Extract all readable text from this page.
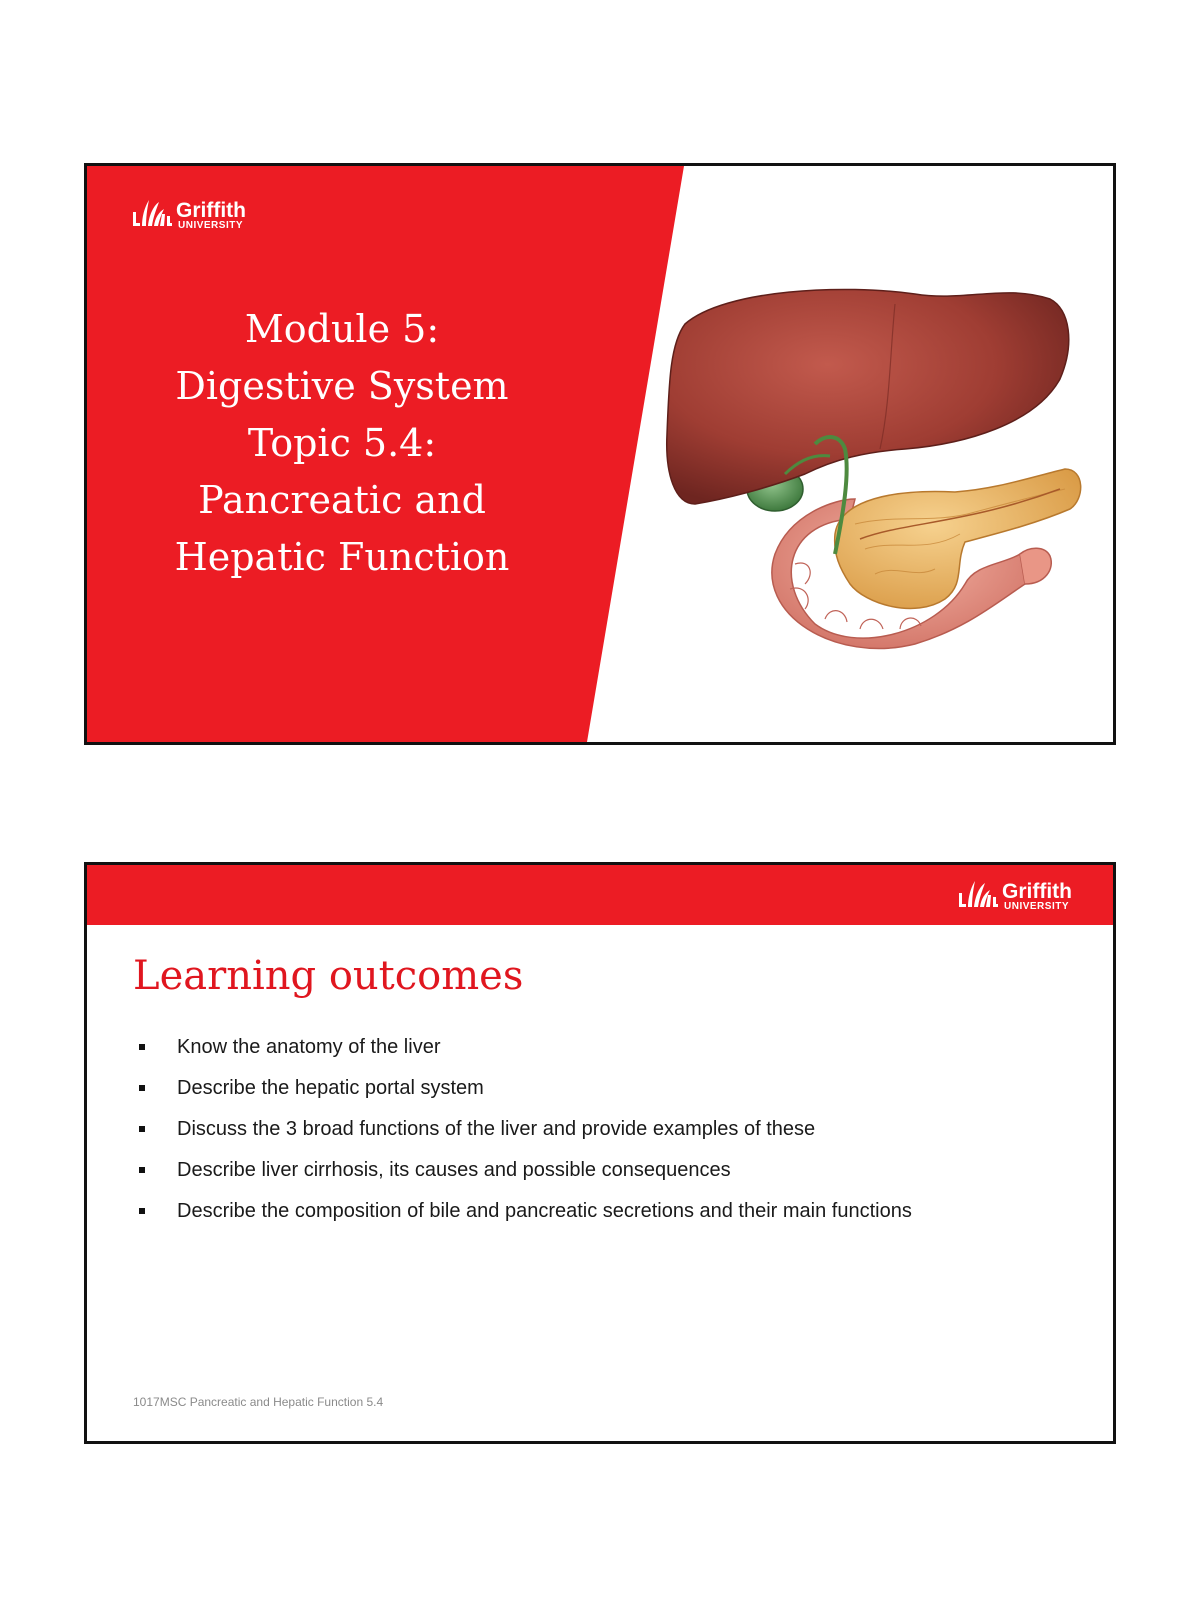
Griffith
UNIVERSITY
Module 5:
Digestive System
Topic 5.4:
Pancreatic and
Hepatic Function
Griffith
UNIVERSITY
Learning outcomes
Know the anatomy of the liver
Describe the hepatic portal system
Discuss the 3 broad functions of the liver and provide examples of these
Describe liver cirrhosis, its causes and possible consequences
Describe the composition of bile and pancreatic secretions and their main functions
1017MSC Pancreatic and Hepatic Function 5.4
